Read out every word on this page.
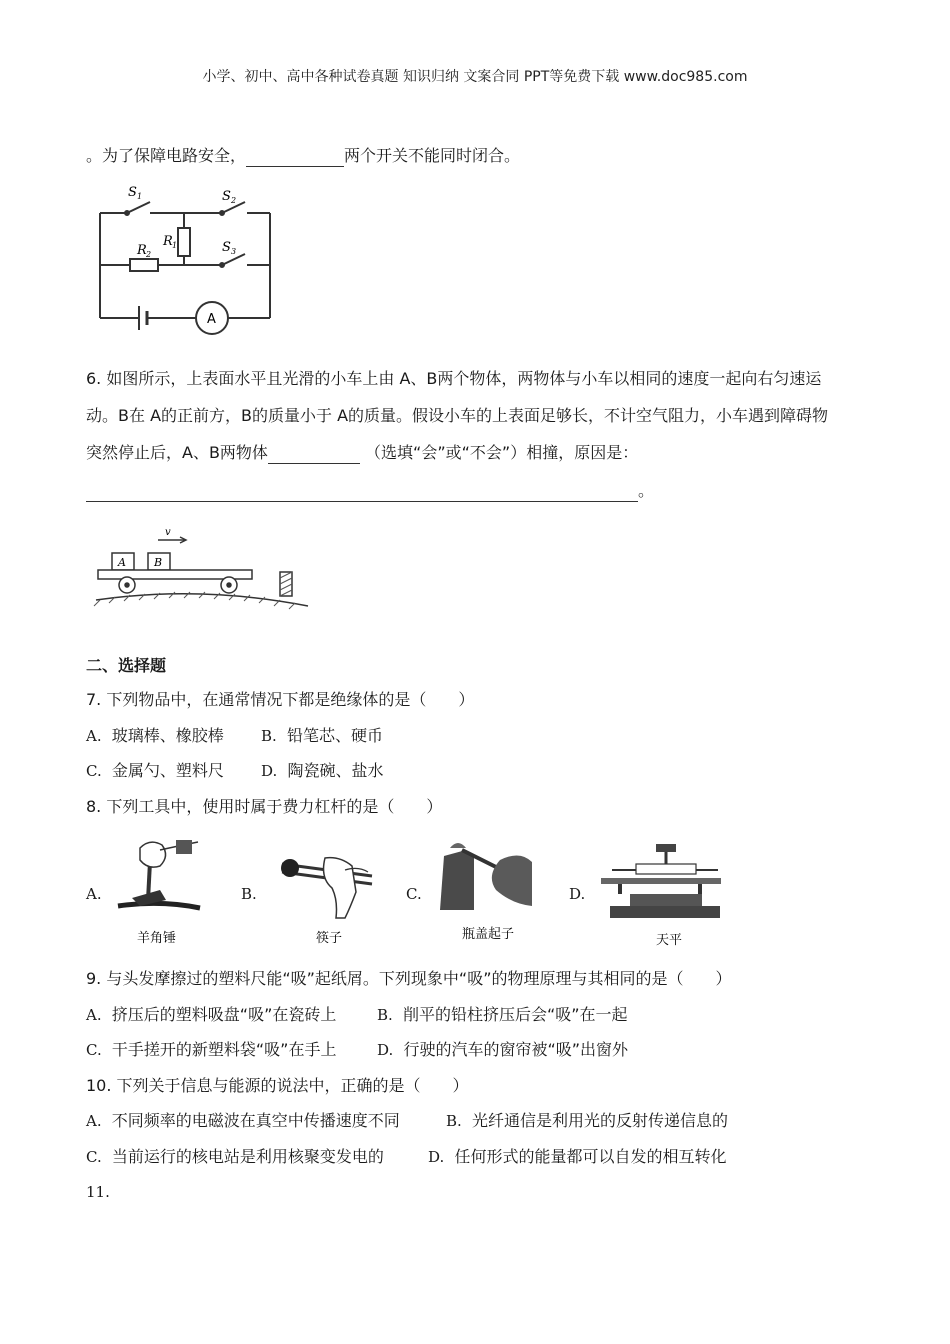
小学、初中、高中各种试卷真题 知识归纳 文案合同 PPT等免费下载 www.doc985.com
。为了保障电路安全，	两个开关不能同时闭合。
S 1	S 2
S 3
R 1
R 2
A
6. 如图所示，上表面水平且光滑的小车上由 A、B两个物体，两物体与小车以相同的速度一起向右匀速运
动。B在 A的正前方，B的质量小于 A的质量。假设小车的上表面足够长，不计空气阻力，小车遇到障碍物
突然停止后，A、B两物体	（选填“会”或“不会”）相撞，原因是：
。
A	B
v
二、选择题
7. 下列物品中，在通常情况下都是绝缘体的是（　　）
A. 玻璃棒、橡胶棒 B. 铅笔芯、硬币
C. 金属勺、塑料尺 D. 陶瓷碗、盐水
8. 下列工具中，使用时属于费力杠杆的是（　　）
A.	B.	C.	D.
羊角锤	筷子	瓶盖起子	天平
9. 与头发摩擦过的塑料尺能“吸”起纸屑。下列现象中“吸”的物理原理与其相同的是（　　）
A. 挤压后的塑料吸盘“吸”在瓷砖上	B. 削平的铅柱挤压后会“吸”在一起
C. 干手搓开的新塑料袋“吸”在手上	D. 行驶的汽车的窗帘被“吸”出窗外
10. 下列关于信息与能源的说法中，正确的是（　　）
A. 不同频率的电磁波在真空中传播速度不同	B. 光纤通信是利用光的反射传递信息的
C. 当前运行的核电站是利用核聚变发电的	D. 任何形式的能量都可以自发的相互转化
11.
